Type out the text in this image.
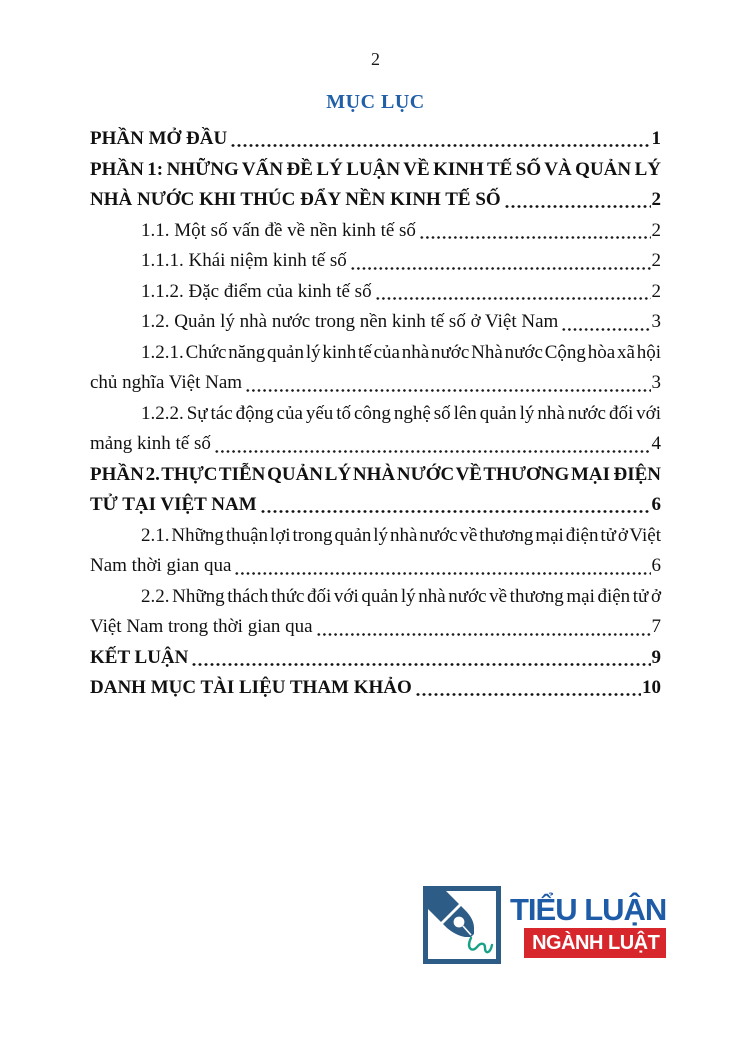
2
MỤC LỤC
PHẦN MỞ ĐẦU	1
PHẦN 1: NHỮNG VẤN ĐỀ LÝ LUẬN VỀ KINH TẾ SỐ VÀ QUẢN LÝ
NHÀ NƯỚC KHI THÚC ĐẨY NỀN KINH TẾ SỐ	2
1.1. Một số vấn đề về nền kinh tế số	2
1.1.1. Khái niệm kinh tế số	2
1.1.2. Đặc điểm của kinh tế số	2
1.2. Quản lý nhà nước trong nền kinh tế số ở Việt Nam	3
1.2.1. Chức năng quản lý kinh tế của nhà nước Nhà nước Cộng hòa xã hội
chủ nghĩa Việt Nam	3
1.2.2. Sự tác động của yếu tố công nghệ số lên quản lý nhà nước đối với
mảng kinh tế số	4
PHẦN 2. THỰC TIỄN QUẢN LÝ NHÀ NƯỚC VỀ THƯƠNG MẠI  ĐIỆN
TỬ TẠI VIỆT NAM	6
2.1. Những thuận lợi trong quản lý nhà nước về thương mại điện tử ở Việt
Nam thời gian qua	6
2.2. Những thách thức đối với quản lý nhà nước về thương mại điện tử ở
Việt Nam trong thời gian qua	7
KẾT LUẬN	9
DANH MỤC TÀI LIỆU THAM KHẢO	10
TIỂU LUẬN
NGÀNH LUẬT
